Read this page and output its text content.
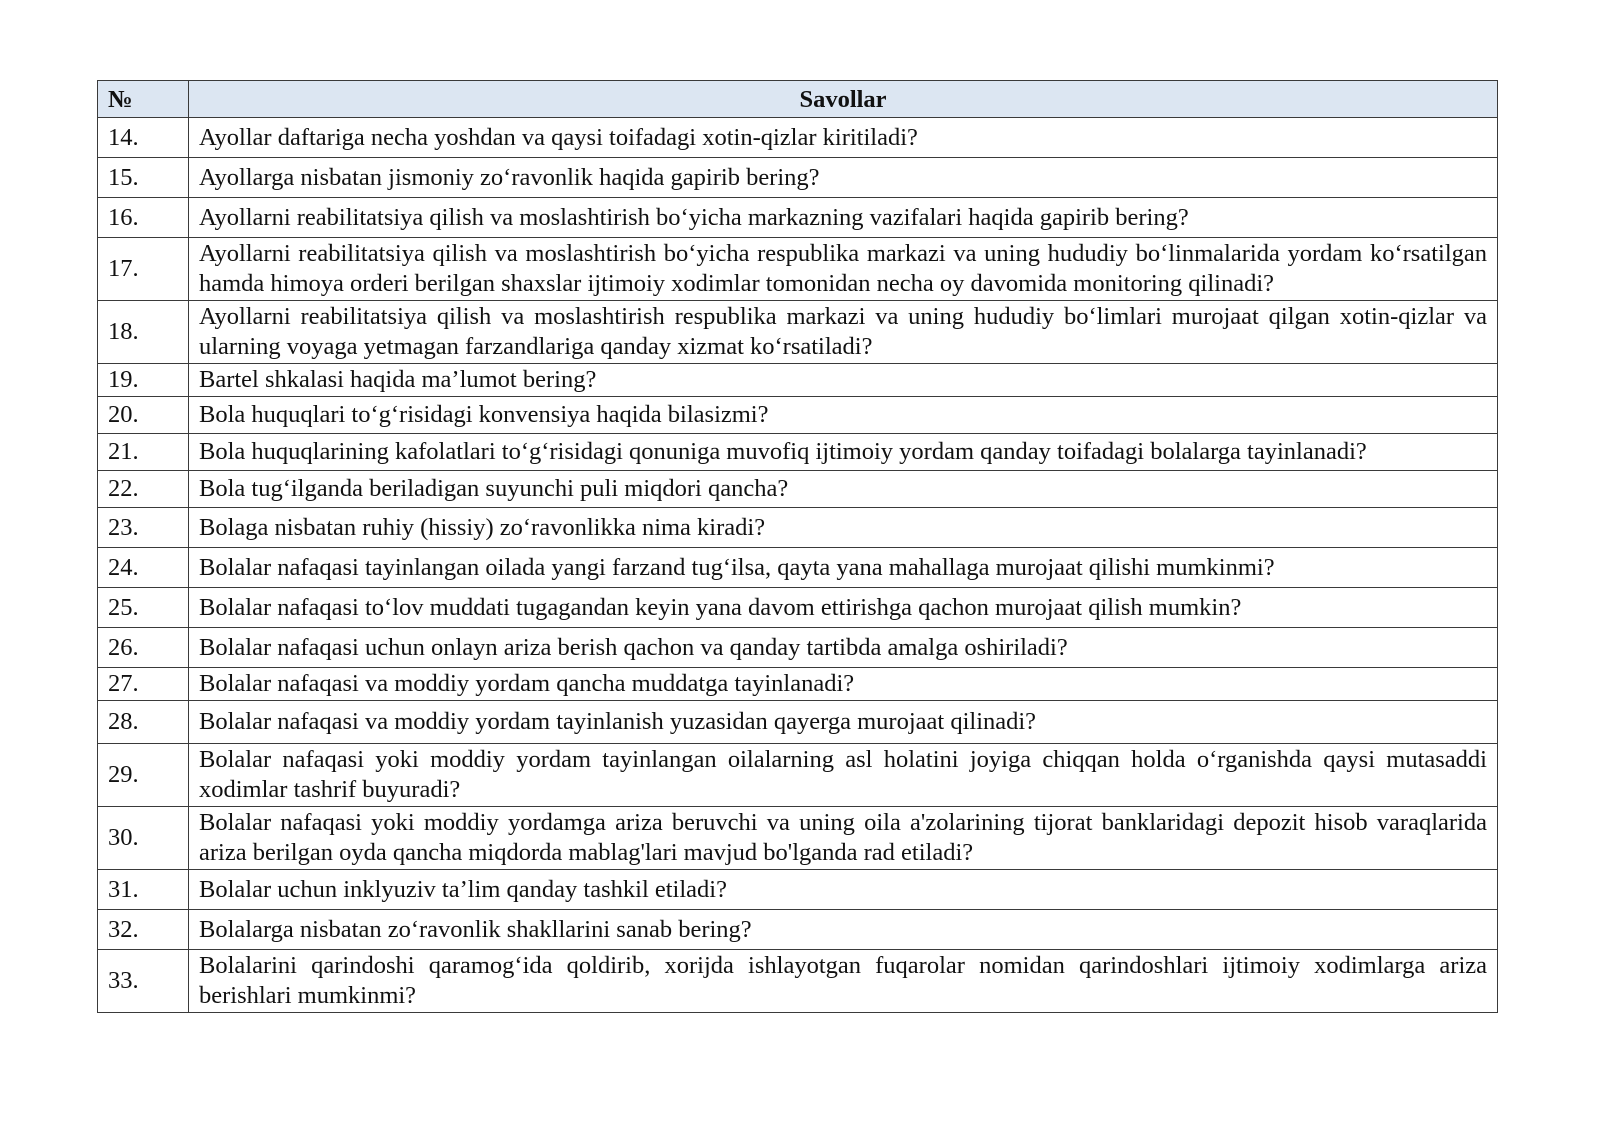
№	Savollar
14.	Ayollar daftariga necha yoshdan va qaysi toifadagi xotin-qizlar kiritiladi?
15.	Ayollarga nisbatan jismoniy zo‘ravonlik haqida gapirib bering?
16.	Ayollarni reabilitatsiya qilish va moslashtirish bo‘yicha markazning vazifalari haqida gapirib bering?
17.	Ayollarni reabilitatsiya qilish va moslashtirish bo‘yicha respublika markazi va uning hududiy bo‘linmalarida yordam ko‘rsatilgan hamda himoya orderi berilgan shaxslar ijtimoiy xodimlar tomonidan necha oy davomida monitoring qilinadi?
18.	Ayollarni reabilitatsiya qilish va moslashtirish respublika markazi va uning hududiy bo‘limlari murojaat qilgan xotin-qizlar va ularning voyaga yetmagan farzandlariga qanday xizmat ko‘rsatiladi?
19.	Bartel shkalasi haqida ma’lumot bering?
20.	Bola huquqlari to‘g‘risidagi konvensiya haqida bilasizmi?
21.	Bola huquqlarining kafolatlari to‘g‘risidagi qonuniga muvofiq ijtimoiy yordam qanday toifadagi bolalarga tayinlanadi?
22.	Bola tug‘ilganda beriladigan suyunchi puli miqdori qancha?
23.	Bolaga nisbatan ruhiy (hissiy) zo‘ravonlikka nima kiradi?
24.	Bolalar nafaqasi tayinlangan oilada yangi farzand tug‘ilsa, qayta yana mahallaga murojaat qilishi mumkinmi?
25.	Bolalar nafaqasi to‘lov muddati tugagandan keyin yana davom ettirishga qachon murojaat qilish mumkin?
26.	Bolalar nafaqasi uchun onlayn ariza berish qachon va qanday tartibda amalga oshiriladi?
27.	Bolalar nafaqasi va moddiy yordam qancha muddatga tayinlanadi?
28.	Bolalar nafaqasi va moddiy yordam tayinlanish yuzasidan qayerga murojaat qilinadi?
29.	Bolalar nafaqasi yoki moddiy yordam tayinlangan oilalarning asl holatini joyiga chiqqan holda o‘rganishda qaysi mutasaddi xodimlar tashrif buyuradi?
30.	Bolalar nafaqasi yoki moddiy yordamga ariza beruvchi va uning oila a'zolarining tijorat banklaridagi depozit hisob varaqlarida ariza berilgan oyda qancha miqdorda mablag'lari mavjud bo'lganda rad etiladi?
31.	Bolalar uchun inklyuziv ta’lim qanday tashkil etiladi?
32.	Bolalarga nisbatan zo‘ravonlik shakllarini sanab bering?
33.	Bolalarini qarindoshi qaramog‘ida qoldirib, xorijda ishlayotgan fuqarolar nomidan qarindoshlari ijtimoiy xodimlarga ariza berishlari mumkinmi?
